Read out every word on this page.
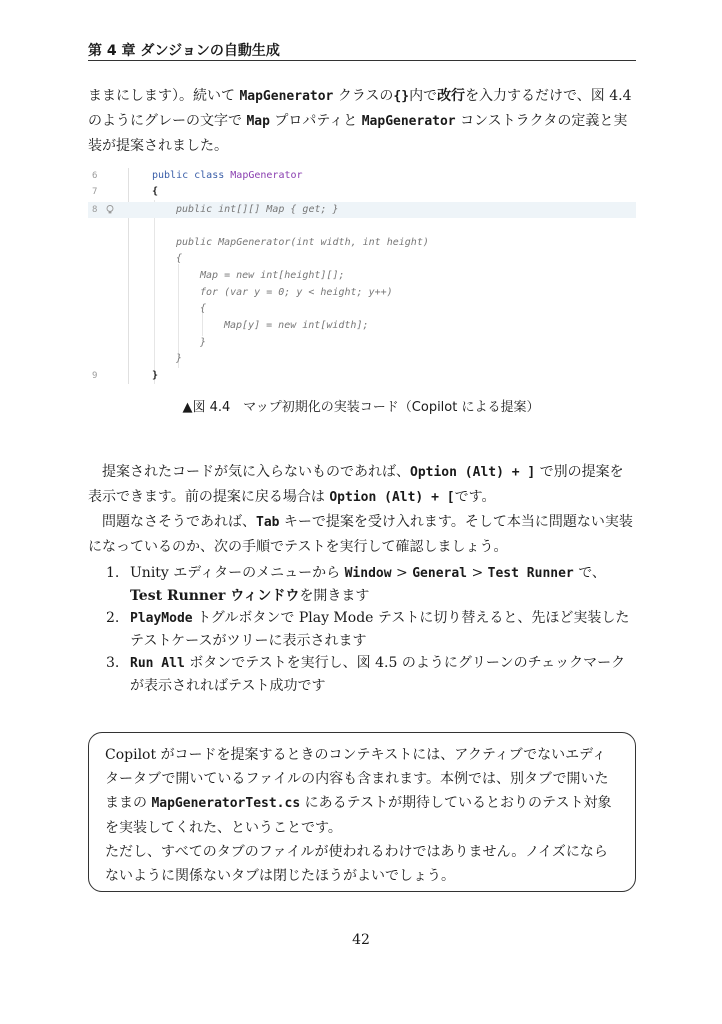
第 4 章 ダンジョンの自動生成

ままにします）。続いて MapGenerator クラスの{}内で改行を入力するだけで、図 4.4 のようにグレーの文字で Map プロパティと MapGenerator コンストラクタの定義と実装が提案されました。

6	public class MapGenerator
7	{
8	public int[][] Map { get; }
public MapGenerator(int width, int height)
{
Map = new int[height][];
for (var y = 0; y < height; y++)
{
Map[y] = new int[width];
}
}
9	}
▲図 4.4　マップ初期化の実装コード（Copilot による提案）

提案されたコードが気に入らないものであれば、Option (Alt) + ] で別の提案を表示できます。前の提案に戻る場合は Option (Alt) + [です。

問題なさそうであれば、Tab キーで提案を受け入れます。そして本当に問題ない実装になっているのか、次の手順でテストを実行して確認しましょう。

1. Unity エディターのメニューから Window > General > Test Runner で、Test Runner ウィンドウを開きます
2. PlayMode トグルボタンで Play Mode テストに切り替えると、先ほど実装したテストケースがツリーに表示されます
3. Run All ボタンでテストを実行し、図 4.5 のようにグリーンのチェックマークが表示されればテスト成功です

Copilot がコードを提案するときのコンテキストには、アクティブでないエディタータブで開いているファイルの内容も含まれます。本例では、別タブで開いたままの MapGeneratorTest.cs にあるテストが期待しているとおりのテスト対象を実装してくれた、ということです。

ただし、すべてのタブのファイルが使われるわけではありません。ノイズにならないように関係ないタブは閉じたほうがよいでしょう。

42
